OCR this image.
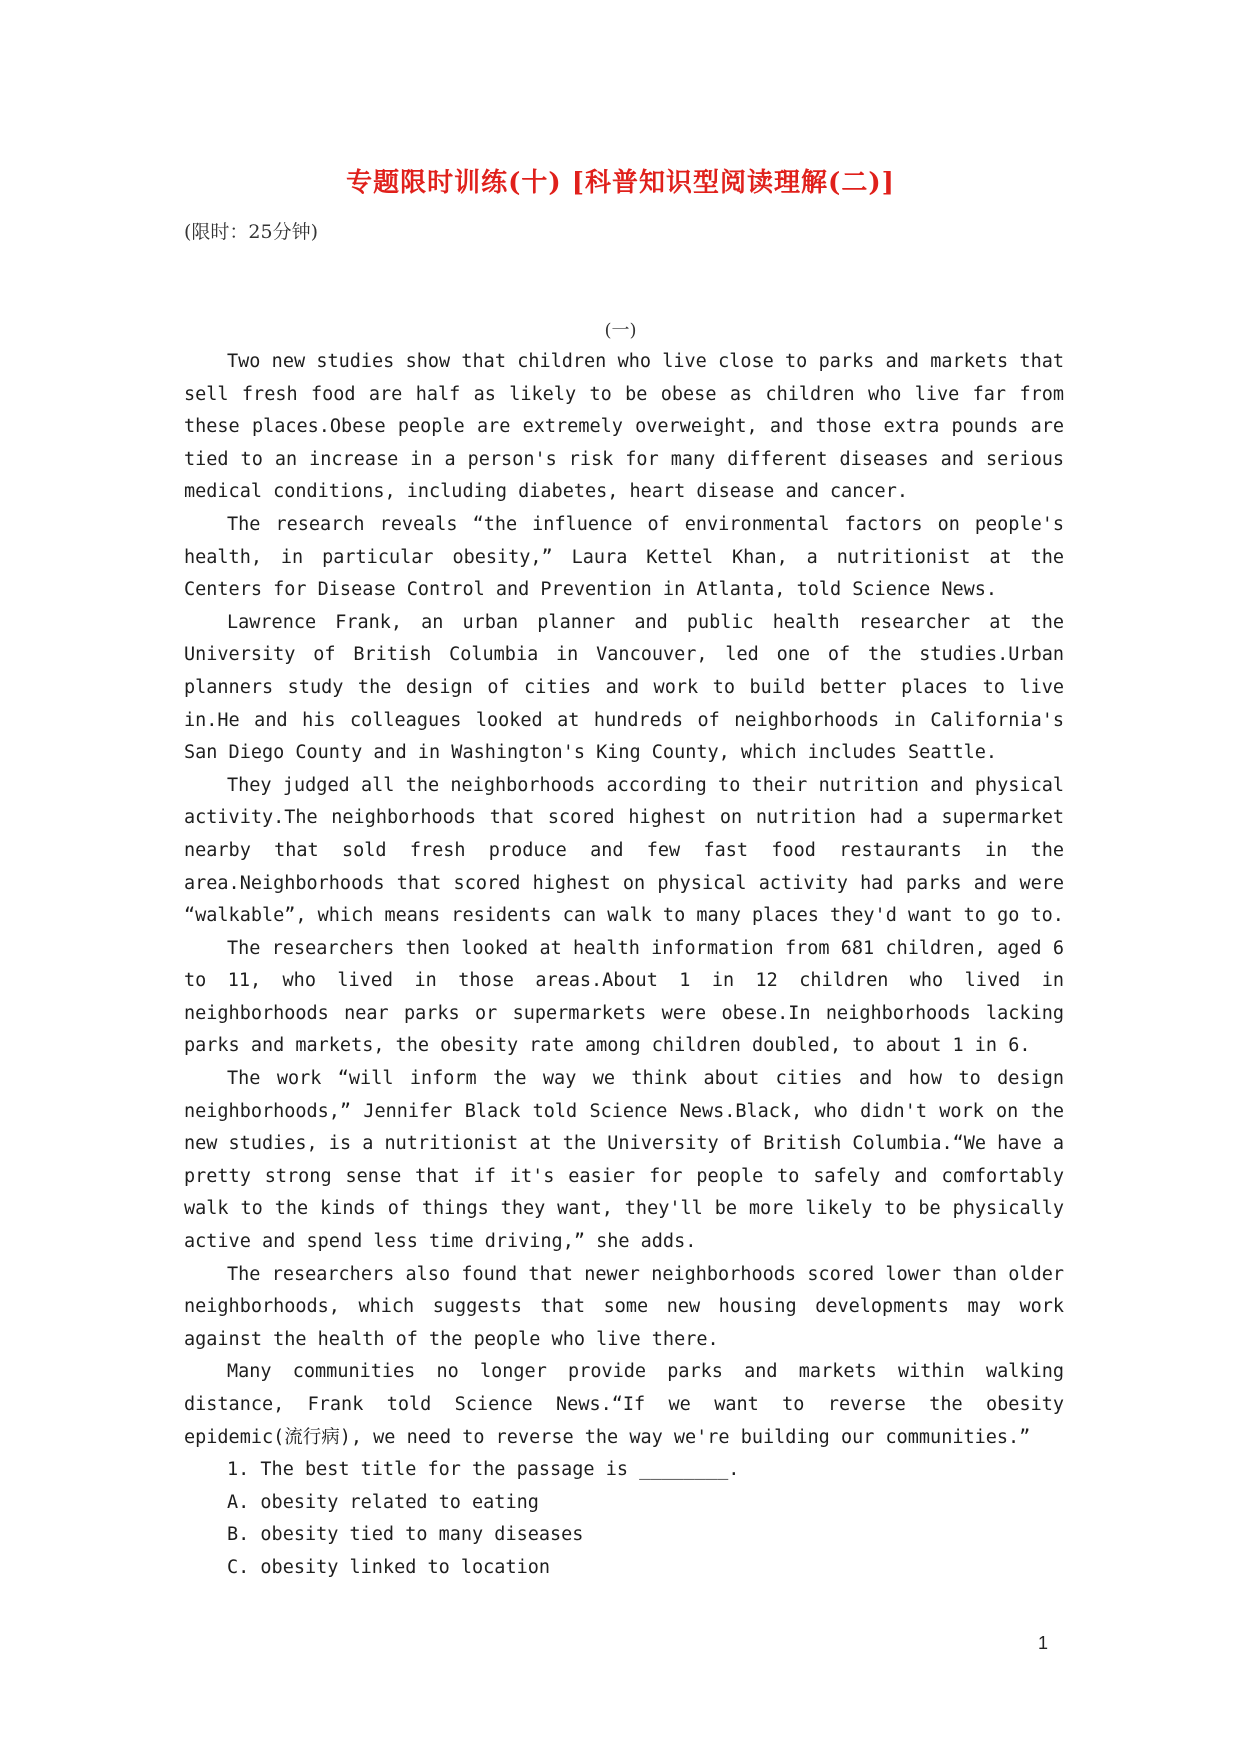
专题限时训练(十) [科普知识型阅读理解(二)]

(限时：25分钟)

(一)

Two new studies show that children who live close to parks and markets that sell fresh food are half as likely to be obese as children who live far from these places.Obese people are extremely overweight, and those extra pounds are tied to an increase in a person's risk for many different diseases and serious medical conditions, including diabetes, heart disease and cancer.

The research reveals “the influence of environmental factors on people's health, in particular obesity,” Laura Kettel Khan, a nutritionist at the Centers for Disease Control and Prevention in Atlanta, told Science News.

Lawrence Frank, an urban planner and public health researcher at the University of British Columbia in Vancouver, led one of the studies.Urban planners study the design of cities and work to build better places to live in.He and his colleagues looked at hundreds of neighborhoods in California's San Diego County and in Washington's King County, which includes Seattle.

They judged all the neighborhoods according to their nutrition and physical activity.The neighborhoods that scored highest on nutrition had a supermarket nearby that sold fresh produce and few fast food restaurants in the area.Neighborhoods that scored highest on physical activity had parks and were “walkable”, which means residents can walk to many places they'd want to go to.

The researchers then looked at health information from 681 children, aged 6 to 11, who lived in those areas.About 1 in 12 children who lived in neighborhoods near parks or supermarkets were obese.In neighborhoods lacking parks and markets, the obesity rate among children doubled, to about 1 in 6.

The work “will inform the way we think about cities and how to design neighborhoods,” Jennifer Black told Science News.Black, who didn't work on the new studies, is a nutritionist at the University of British Columbia.“We have a pretty strong sense that if it's easier for people to safely and comfortably walk to the kinds of things they want, they'll be more likely to be physically active and spend less time driving,” she adds.

The researchers also found that newer neighborhoods scored lower than older neighborhoods, which suggests that some new housing developments may work against the health of the people who live there.

Many communities no longer provide parks and markets within walking distance, Frank told Science News.“If we want to reverse the obesity epidemic(流行病), we need to reverse the way we're building our communities.”

1. The best title for the passage is ________.
A. obesity related to eating
B. obesity tied to many diseases
C. obesity linked to location

1
